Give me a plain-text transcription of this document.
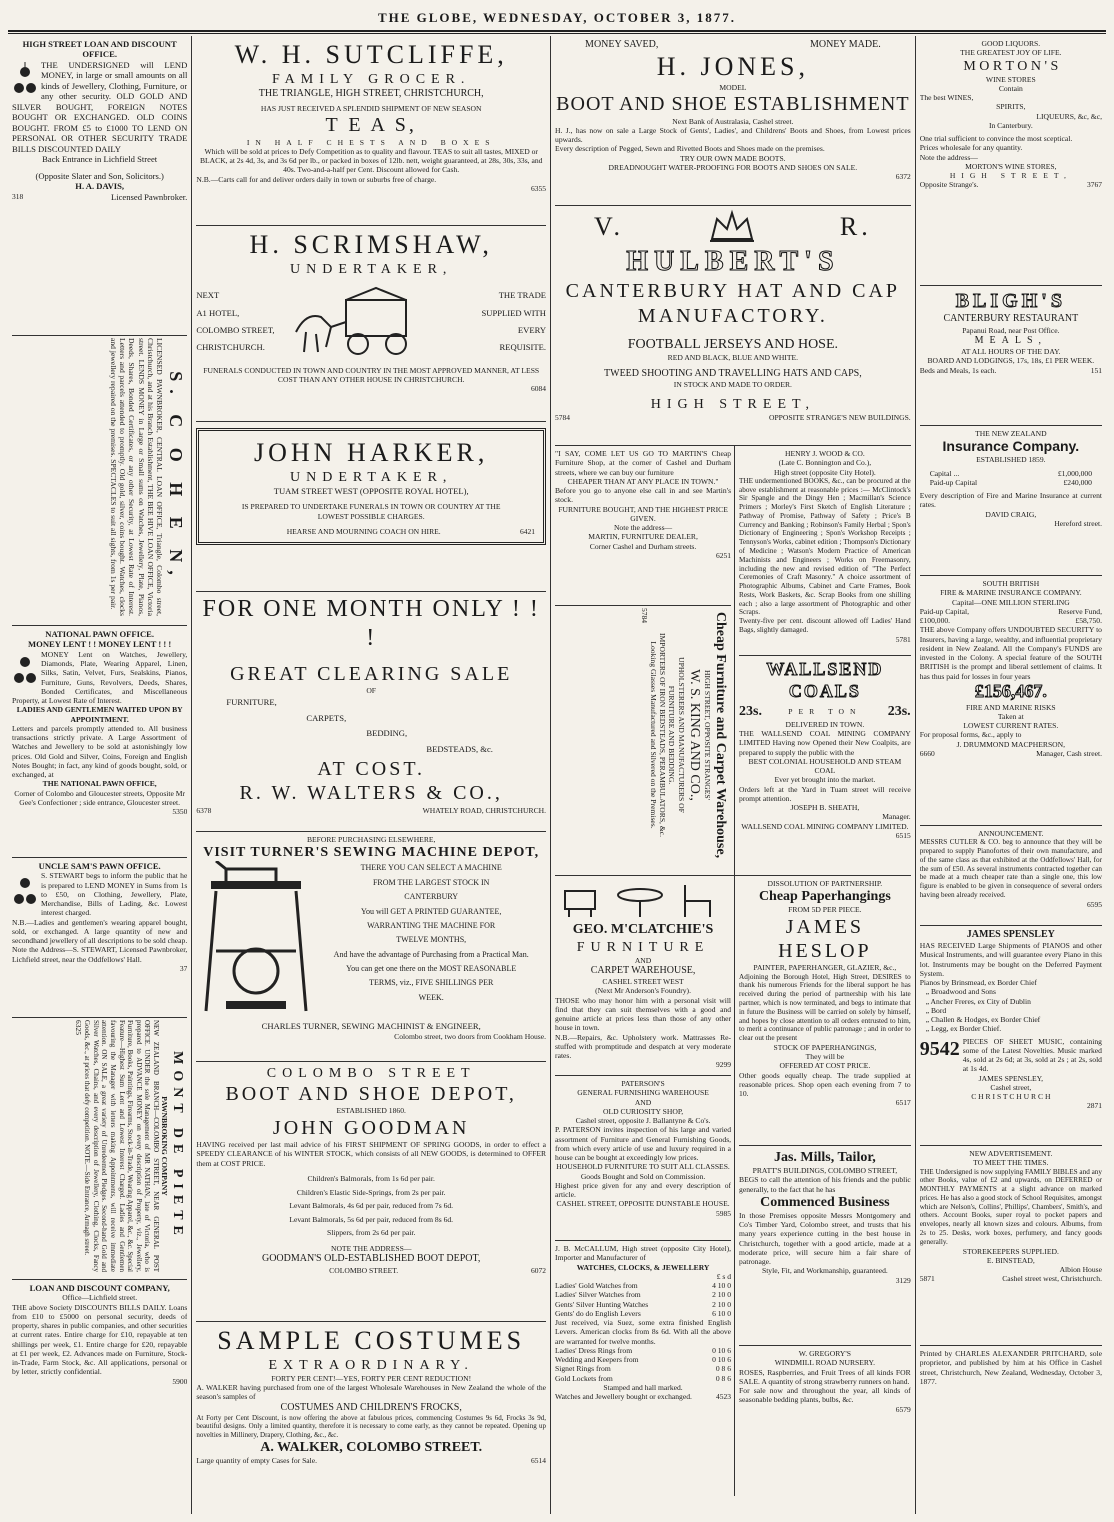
THE GLOBE, WEDNESDAY, OCTOBER 3, 1877.
HIGH STREET LOAN AND DISCOUNT OFFICE.
THE UNDERSIGNED will LEND MONEY, in large or small amounts on all kinds of Jewellery, Clothing, Furniture, or any other security. OLD GOLD AND SILVER BOUGHT, FOREIGN NOTES BOUGHT OR EXCHANGED. OLD COINS BOUGHT. FROM £5 to £1000 TO LEND ON PERSONAL OR OTHER SECURITY TRADE BILLS DISCOUNTED DAILY
Back Entrance in Lichfield Street
(Opposite Slater and Son, Solicitors.)
H. A. DAVIS,
318	Licensed Pawnbroker.
S. C O H E N,
LICENSED PAWNBROKER, CENTRAL LOAN OFFICE, Triangle, Colombo street, Christchurch, and at his Branch Establishment, THE BEE HIVE LOAN OFFICE, Victoria street. LENDS MONEY in Large or Small sums on Watches, Jewellery, Plate, Pianos, Deeds, Shares, Bonded Certificates, or any other Security, at Lowest Rate of Interest. Letters and parcels attended to promptly. Old gold, silver, coins bought. Watches, clocks and jewellery repaired on the premises. SPECTACLES to suit all sights, from 1s per pair.
NATIONAL PAWN OFFICE.
MONEY LENT ! ! MONEY LENT ! ! !
MONEY Lent on Watches, Jewellery, Diamonds, Plate, Wearing Apparel, Linen, Silks, Satin, Velvet, Furs, Sealskins, Pianos, Furniture, Guns, Revolvers, Deeds, Shares, Bonded Certificates, and Miscellaneous Property, at Lowest Rate of Interest.
LADIES AND GENTLEMEN WAITED UPON BY APPOINTMENT.
Letters and parcels promptly attended to. All business transactions strictly private. A Large Assortment of Watches and Jewellery to be sold at astonishingly low prices. Old Gold and Silver, Coins, Foreign and English Notes Bought; in fact, any kind of goods bought, sold, or exchanged, at
THE NATIONAL PAWN OFFICE,
Corner of Colombo and Gloucester streets, Opposite Mr Gee's Confectioner ; side entrance, Gloucester street.
5350
UNCLE SAM'S PAWN OFFICE.
S. STEWART begs to inform the public that he is prepared to LEND MONEY in Sums from 1s to £50, on Clothing, Jewellery, Plate, Merchandise, Bills of Lading, &c. Lowest interest charged.
N.B.—Ladies and gentlemen's wearing apparel bought, sold, or exchanged. A large quantity of new and secondhand jewellery of all descriptions to be sold cheap.
Note the Address—S. STEWART, Licensed Pawnbroker, Lichfield street, near the Oddfellows' Hall.
37
MONT DE PIETE
PAWNBROKING COMPANY
NEW ZEALAND BRANCH—COLOMBO STREET, NEAR GENERAL POST OFFICE. UNDER the sole Management of MR NATHAN, late of Victoria, who is prepared to ADVANCE MONEY on every description of Property, viz., Jewellery, Furniture, Books, Paintings, Firearms, Stock-in-Trade, Wearing Apparel, &c., &c. Special Feature—Highest Sum Lent and Lowest Interest Charged. Ladies and Gentlemen favouring the Manager with letters making Appointments, will receive immediate attention. ON SALE, a great variety of Unredeemed Pledges. Second-hand Gold and Silver Watches, Chains, and every description of Jewellery, Clothing, Clocks, Fancy Goods, &c., at prices that defy competition. NOTE.—Side Entrance, Armagh street.
6325
LOAN AND DISCOUNT COMPANY,
Office—Lichfield street.
THE above Society DISCOUNTS BILLS DAILY. Loans from £10 to £5000 on personal security, deeds of property, shares in public companies, and other securities at current rates. Entire charge for £10, repayable at ten shillings per week, £1. Entire charge for £20, repayable at £1 per week, £2. Advances made on Furniture, Stock-in-Trade, Farm Stock, &c. All applications, personal or by letter, strictly confidential.
5900
W. H. SUTCLIFFE,
FAMILY GROCER.
THE TRIANGLE, HIGH STREET, CHRISTCHURCH,
HAS JUST RECEIVED A SPLENDID SHIPMENT OF NEW SEASON
T E A S,
IN HALF CHESTS AND BOXES
Which will be sold at prices to Defy Competition as to quality and flavour. TEAS to suit all tastes, MIXED or BLACK, at 2s 4d, 3s, and 3s 6d per lb., or packed in boxes of 12lb. nett, weight guaranteed, at 28s, 30s, 33s, and 40s. Two-and-a-half per Cent. Discount allowed for Cash.
N.B.—Carts call for and deliver orders daily in town or suburbs free of charge.
6355
H. SCRIMSHAW,
UNDERTAKER,
NEXT
A1 HOTEL,
COLOMBO STREET,
CHRISTCHURCH.
THE TRADE
SUPPLIED WITH
EVERY
REQUISITE.
FUNERALS CONDUCTED IN TOWN AND COUNTRY IN THE MOST APPROVED MANNER, AT LESS COST THAN ANY OTHER HOUSE IN CHRISTCHURCH.
6084
JOHN HARKER,
UNDERTAKER,
TUAM STREET WEST (OPPOSITE ROYAL HOTEL),
IS PREPARED TO UNDERTAKE FUNERALS IN TOWN OR COUNTRY AT THE LOWEST POSSIBLE CHARGES.
HEARSE AND MOURNING COACH ON HIRE.	6421
FOR ONE MONTH ONLY ! ! !
GREAT CLEARING SALE
OF
FURNITURE,
CARPETS,
BEDDING,
BEDSTEADS, &c.
AT COST.
R. W. WALTERS & CO.,
6378	WHATELY ROAD, CHRISTCHURCH.
BEFORE PURCHASING ELSEWHERE,
VISIT TURNER'S SEWING MACHINE DEPOT,
THERE YOU CAN SELECT A MACHINE
FROM THE LARGEST STOCK IN
CANTERBURY
You will GET A PRINTED GUARANTEE,
WARRANTING THE MACHINE FOR
TWELVE MONTHS,
And have the advantage of Purchasing from a Practical Man.
You can get one there on the MOST REASONABLE
TERMS, viz., FIVE SHILLINGS PER
WEEK.
CHARLES TURNER, SEWING MACHINIST & ENGINEER,
Colombo street, two doors from Cookham House.
COLOMBO STREET
BOOT AND SHOE DEPOT,
ESTABLISHED 1860.
JOHN GOODMAN
HAVING received per last mail advice of his FIRST SHIPMENT OF SPRING GOODS, in order to effect a SPEEDY CLEARANCE of his WINTER STOCK, which consists of all NEW GOODS, is determined to OFFER them at COST PRICE.
Children's Balmorals, from 1s 6d per pair.
Children's Elastic Side-Springs, from 2s per pair.
Levant Balmorals, 4s 6d per pair, reduced from 7s 6d.
Levant Balmorals, 5s 6d per pair, reduced from 8s 6d.
Slippers, from 2s 6d per pair.
NOTE THE ADDRESS—
GOODMAN'S OLD-ESTABLISHED BOOT DEPOT,
COLOMBO STREET.	6072
SAMPLE COSTUMES
EXTRAORDINARY.
FORTY PER CENT!—YES, FORTY PER CENT REDUCTION!
A. WALKER having purchased from one of the largest Wholesale Warehouses in New Zealand the whole of the season's samples of
COSTUMES AND CHILDREN'S FROCKS,
At Forty per Cent Discount, is now offering the above at fabulous prices, commencing Costumes 9s 6d, Frocks 3s 9d, beautiful designs. Only a limited quantity, therefore it is necessary to come early, as they cannot be repeated. Opening up novelties in Millinery, Drapery, Clothing, &c., &c.
A. WALKER, COLOMBO STREET.
Large quantity of empty Cases for Sale.	6514
MONEY SAVED,	MONEY MADE.
H. JONES,
MODEL
BOOT AND SHOE ESTABLISHMENT
Next Bank of Australasia, Cashel street.
H. J., has now on sale a Large Stock of Gents', Ladies', and Childrens' Boots and Shoes, from Lowest prices upwards.
Every description of Pegged, Sewn and Rivetted Boots and Shoes made on the premises.
TRY OUR OWN MADE BOOTS.
DREADNOUGHT WATER-PROOFING FOR BOOTS AND SHOES ON SALE.
6372
V.	R.
HULBERT'S
CANTERBURY HAT AND CAP
MANUFACTORY.
FOOTBALL JERSEYS AND HOSE.
RED AND BLACK, BLUE AND WHITE.
TWEED SHOOTING AND TRAVELLING HATS AND CAPS,
IN STOCK AND MADE TO ORDER.
HIGH STREET,
5784	OPPOSITE STRANGE'S NEW BUILDINGS.
"I SAY, COME LET US GO TO MARTIN'S Cheap Furniture Shop, at the corner of Cashel and Durham streets, where we can buy our furniture
CHEAPER THAN AT ANY PLACE IN TOWN."
Before you go to anyone else call in and see Martin's stock.
FURNITURE BOUGHT, AND THE HIGHEST PRICE GIVEN.
Note the address—
MARTIN, FURNITURE DEALER,
Corner Cashel and Durham streets.
6251
Cheap Furniture and Carpet Warehouse,
HIGH STREET, OPPOSITE STRANGES'
W. S. KING AND CO.,
UPHOLSTERERS AND MANUFACTURERS OF
FURNITURE AND BEDDING.
IMPORTERS OF IRON BEDSTEADS, PERAMBULATORS, &c.
Looking Glasses Manufactured and Silvered on the Premises.
5784
HENRY J. WOOD & CO.
(Late C. Bonnington and Co.),
High street (opposite City Hotel).
THE undermentioned BOOKS, &c., can be procured at the above establishment at reasonable prices :— McClintock's Sir Spangle and the Dingy Hen ; Macmillan's Science Primers ; Morley's First Sketch of English Literature ; Pathway of Promise, Pathway of Safety ; Price's B Currency and Banking ; Robinson's Family Herbal ; Spon's Dictionary of Engineering ; Spon's Workshop Receipts ; Tennyson's Works, cabinet edition ; Thompson's Dictionary of Medicine ; Watson's Modern Practice of American Machinists and Engineers ; Works on Freemasonry, including the new and revised edition of "The Perfect Ceremonies of Craft Masonry." A choice assortment of Photographic Albums, Cabinet and Carte Frames, Book Rests, Work Baskets, &c. Scrap Books from one shilling each ; also a large assortment of Photographic and other Scraps.
Twenty-five per cent. discount allowed off Ladies' Hand Bags, slightly damaged.
5781
WALLSEND COALS
23s.	PER TON 23s.
DELIVERED IN TOWN.
THE WALLSEND COAL MINING COMPANY LIMITED Having now Opened their New Coalpits, are prepared to supply the public with the
BEST COLONIAL HOUSEHOLD AND STEAM COAL
Ever yet brought into the market.
Orders left at the Yard in Tuam street will receive prompt attention.
JOSEPH B. SHEATH,
Manager.
WALLSEND COAL MINING COMPANY LIMITED.
6515
GEO. M'CLATCHIE'S
FURNITURE
AND
CARPET WAREHOUSE,
CASHEL STREET WEST
(Next Mr Anderson's Foundry).
THOSE who may honor him with a personal visit will find that they can suit themselves with a good and genuine article at prices less than those of any other house in town.
N.B.—Repairs, &c. Upholstery work. Mattrasses Re-stuffed with promptitude and despatch at very moderate rates.
9299
PATERSON'S
GENERAL FURNISHING WAREHOUSE
AND
OLD CURIOSITY SHOP,
Cashel street, opposite J. Ballantyne & Co's.
P. PATERSON invites inspection of his large and varied assortment of Furniture and General Furnishing Goods, from which every article of use and luxury required in a house can be bought at exceedingly low prices.
HOUSEHOLD FURNITURE TO SUIT ALL CLASSES.
Goods Bought and Sold on Commission.
Highest price given for any and every description of article.
CASHEL STREET, OPPOSITE DUNSTABLE HOUSE.
5985
J. B. McCALLUM, High street (opposite City Hotel), Importer and Manufacturer of
WATCHES, CLOCKS, & JEWELLERY
£ s d
Ladies' Gold Watches from	4 10 0
Ladies' Silver Watches from	2 10 0
Gents' Silver Hunting Watches	2 10 0
Gents' do do English Levers	6 10 0
Just received, via Suez, some extra finished English Levers. American clocks from 8s 6d. With all the above are warranted for twelve months.
Ladies' Dress Rings from	0 10 6
Wedding and Keepers from	0 10 6
Signet Rings from	0 8 6
Gold Lockets from	0 8 6
Stamped and hall marked.
Watches and Jewellery bought or exchanged.	4523
DISSOLUTION OF PARTNERSHIP.
Cheap Paperhangings
FROM 5D PER PIECE.
JAMES HESLOP
PAINTER, PAPERHANGER, GLAZIER, &c.,
Adjoining the Borough Hotel, High Street, DESIRES to thank his numerous Friends for the liberal support he has received during the period of partnership with his late partner, which is now terminated, and begs to intimate that in future the Business will be carried on solely by himself, and hopes by close attention to all orders entrusted to him, to merit a continuance of public patronage ; and in order to clear out the present
STOCK OF PAPERHANGINGS,
They will be
OFFERED AT COST PRICE.
Other goods equally cheap. The trade supplied at reasonable prices. Shop open each evening from 7 to 10.
6517
Jas. Mills, Tailor,
PRATT'S BUILDINGS, COLOMBO STREET,
BEGS to call the attention of his friends and the public generally, to the fact that he has
Commenced Business
In those Premises opposite Messrs Montgomery and Co's Timber Yard, Colombo street, and trusts that his many years experience cutting in the best house in Christchurch, together with a good article, made at a moderate price, will secure him a fair share of patronage.
Style, Fit, and Workmanship, guaranteed.
3129
W. GREGORY'S
WINDMILL ROAD NURSERY.
ROSES, Raspberries, and Fruit Trees of all kinds FOR SALE. A quantity of strong strawberry runners on hand.
For sale now and throughout the year, all kinds of seasonable bedding plants, bulbs, &c.
6579
GOOD LIQUORS.
THE GREATEST JOY OF LIFE.
M O R T O N ' S
WINE STORES
Contain
The best WINES,
SPIRITS,
LIQUEURS, &c, &c,
In Canterbury.
One trial sufficient to convince the most sceptical.
Prices wholesale for any quantity.
Note the address—
MORTON'S WINE STORES,
HIGH STREET,
Opposite Strange's.	3767
BLIGH'S
CANTERBURY RESTAURANT
Papanui Road, near Post Office.
MEALS,
AT ALL HOURS OF THE DAY.
BOARD AND LODGINGS, 17s, 18s, £1 PER WEEK.
Beds and Meals, 1s each.	151
THE NEW ZEALAND
Insurance Company.
ESTABLISHED 1859.
Capital ...	£1,000,000
Paid-up Capital	£240,000
Every description of Fire and Marine Insurance at current rates.
DAVID CRAIG,
Hereford street.
SOUTH BRITISH
FIRE & MARINE INSURANCE COMPANY.
Capital—ONE MILLION STERLING
Paid-up Capital,	Reserve Fund,
£100,000.	£58,750.
THE above Company offers UNDOUBTED SECURITY to Insurers, having a large, wealthy, and influential proprietary resident in New Zealand. All the Company's FUNDS are invested in the Colony. A special feature of the SOUTH BRITISH is the prompt and liberal settlement of claims. It has thus paid for losses in four years
£156,467.
FIRE AND MARINE RISKS
Taken at
LOWEST CURRENT RATES.
For proposal forms, &c., apply to
J. DRUMMOND MACPHERSON,
6660	Manager, Cash street.
ANNOUNCEMENT.
MESSRS CUTLER & CO. beg to announce that they will be prepared to supply Pianofortes of their own manufacture, and of the same class as that exhibited at the Oddfellows' Hall, for the sum of £50. As several instruments contracted together can be made at a much cheaper rate than a single one, this low figure is enabled to be given in consequence of several orders having been already received.
6595
JAMES SPENSLEY
HAS RECEIVED Large Shipments of PIANOS and other Musical Instruments, and will guarantee every Piano in this lot. Instruments may be bought on the Deferred Payment System.
Pianos by Brinsmead, ex Border Chief
„ Broadwood and Sons
„ Ancher Freres, ex City of Dublin
„ Bord
„ Challen & Hodges, ex Border Chief
„ Legg, ex Border Chief.
9542 PIECES OF SHEET MUSIC, containing some of the Latest Novelties. Music marked 4s, sold at 2s 6d; at 3s, sold at 2s ; at 2s, sold at 1s 4d.
JAMES SPENSLEY,
Cashel street,
C H R I S T C H U R C H
2871
NEW ADVERTISEMENT.
TO MEET THE TIMES.
THE Undersigned is now supplying FAMILY BIBLES and any other Books, value of £2 and upwards, on DEFERRED or MONTHLY PAYMENTS at a slight advance on marked prices. He has also a good stock of School Requisites, amongst which are Nelson's, Collins', Phillips', Chambers', Smith's, and others. Account Books, super royal to pocket papers and envelopes, nearly all known sizes and colours. Albums, from 2s to 25. Desks, work boxes, perfumery, and fancy goods generally.
STOREKEEPERS SUPPLIED.
E. BINSTEAD,
Albion House
5871	Cashel street west, Christchurch.
Printed by CHARLES ALEXANDER PRITCHARD, sole proprietor, and published by him at his Office in Cashel street, Christchurch, New Zealand, Wednesday, October 3, 1877.
